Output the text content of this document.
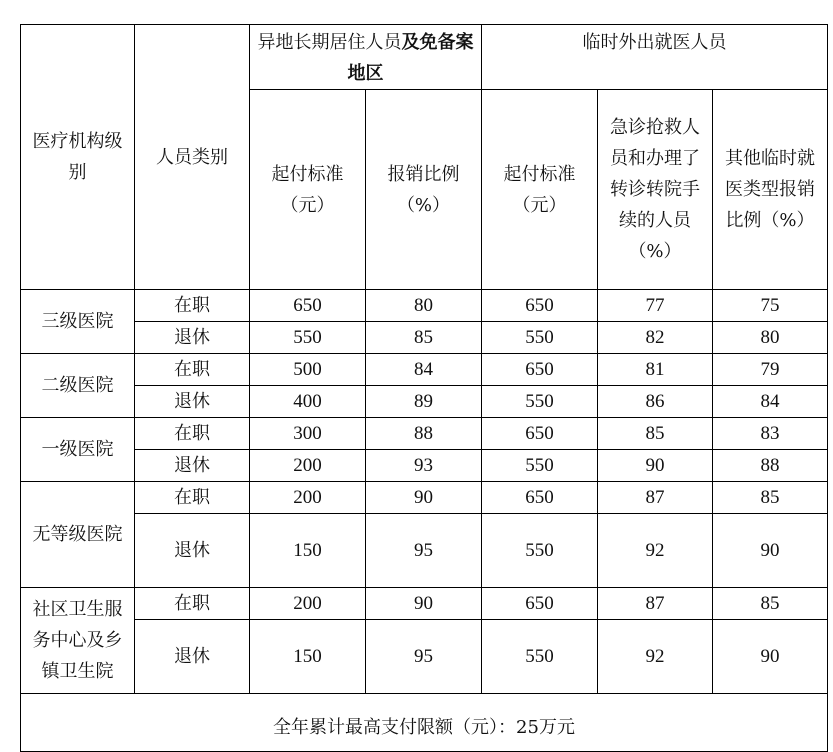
医疗机构级别	人员类别	异地长期居住人员及免备案地区		临时外出就医人员		
		起付标准（元）	报销比例（%）	起付标准（元）	急诊抢救人员和办理了转诊转院手续的人员（%）	其他临时就医类型报销比例（%）
三级医院	在职	650	80	650	77	75
	退休	550	85	550	82	80
二级医院	在职	500	84	650	81	79
	退休	400	89	550	86	84
一级医院	在职	300	88	650	85	83
	退休	200	93	550	90	88
无等级医院	在职	200	90	650	87	85
	退休	150	95	550	92	90
社区卫生服务中心及乡镇卫生院	在职	200	90	650	87	85
	退休	150	95	550	92	90
全年累计最高支付限额（元）：25万元						
